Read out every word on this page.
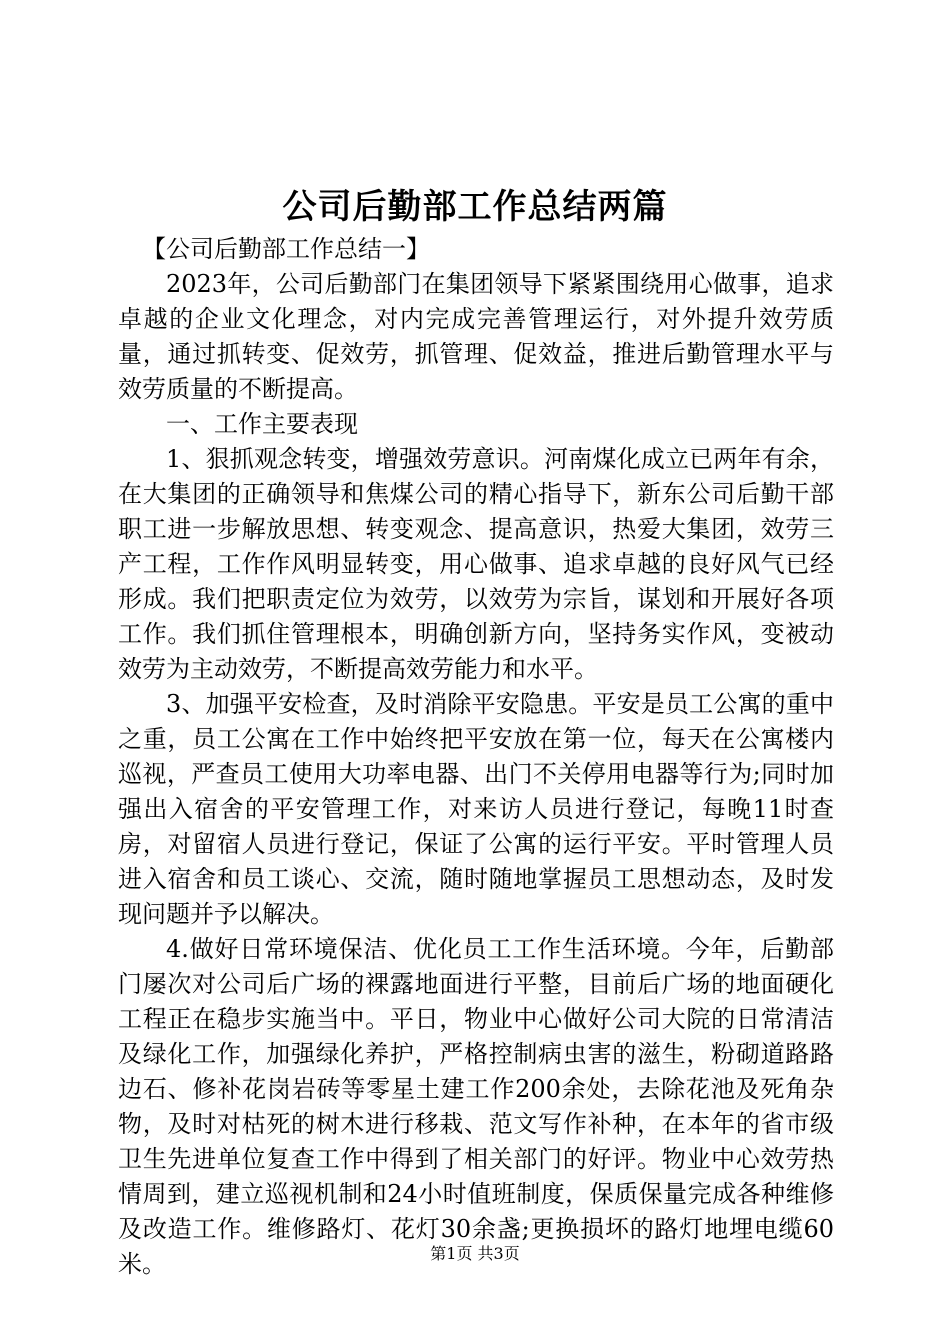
公司后勤部工作总结两篇

【公司后勤部工作总结一】

2023年，公司后勤部门在集团领导下紧紧围绕用心做事，追求卓越的企业文化理念，对内完成完善管理运行，对外提升效劳质量，通过抓转变、促效劳，抓管理、促效益，推进后勤管理水平与效劳质量的不断提高。

一、工作主要表现

1、狠抓观念转变，增强效劳意识。河南煤化成立已两年有余，在大集团的正确领导和焦煤公司的精心指导下，新东公司后勤干部职工进一步解放思想、转变观念、提高意识，热爱大集团，效劳三产工程，工作作风明显转变，用心做事、追求卓越的良好风气已经形成。我们把职责定位为效劳，以效劳为宗旨，谋划和开展好各项工作。我们抓住管理根本，明确创新方向，坚持务实作风，变被动效劳为主动效劳，不断提高效劳能力和水平。

3、加强平安检查，及时消除平安隐患。平安是员工公寓的重中之重，员工公寓在工作中始终把平安放在第一位，每天在公寓楼内巡视，严查员工使用大功率电器、出门不关停用电器等行为;同时加强出入宿舍的平安管理工作，对来访人员进行登记，每晚11时查房，对留宿人员进行登记，保证了公寓的运行平安。平时管理人员进入宿舍和员工谈心、交流，随时随地掌握员工思想动态，及时发现问题并予以解决。

4.做好日常环境保洁、优化员工工作生活环境。今年，后勤部门屡次对公司后广场的裸露地面进行平整，目前后广场的地面硬化工程正在稳步实施当中。平日，物业中心做好公司大院的日常清洁及绿化工作，加强绿化养护，严格控制病虫害的滋生，粉砌道路路边石、修补花岗岩砖等零星土建工作200余处，去除花池及死角杂物，及时对枯死的树木进行移栽、范文写作补种，在本年的省市级卫生先进单位复查工作中得到了相关部门的好评。物业中心效劳热情周到，建立巡视机制和24小时值班制度，保质保量完成各种维修及改造工作。维修路灯、花灯30余盏;更换损坏的路灯地埋电缆60米。	第1页 共3页
